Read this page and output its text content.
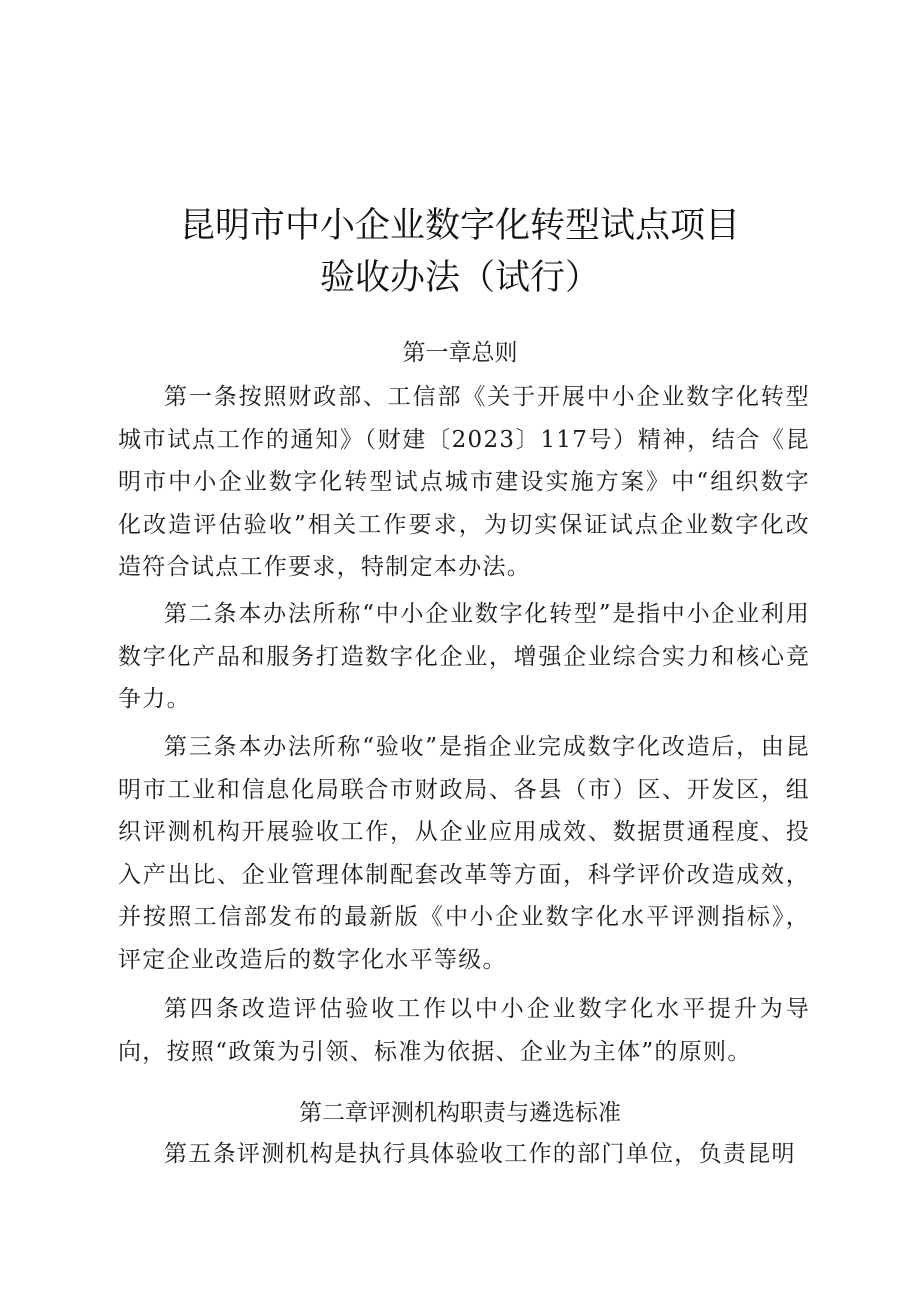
昆明市中小企业数字化转型试点项目
验收办法（试行）
第一章总则

第一条按照财政部、工信部《关于开展中小企业数字化转型城市试点工作的通知》（财建〔2023〕117号）精神，结合《昆明市中小企业数字化转型试点城市建设实施方案》中“组织数字化改造评估验收”相关工作要求，为切实保证试点企业数字化改造符合试点工作要求，特制定本办法。

第二条本办法所称“中小企业数字化转型”是指中小企业利用数字化产品和服务打造数字化企业，增强企业综合实力和核心竞争力。

第三条本办法所称“验收”是指企业完成数字化改造后，由昆明市工业和信息化局联合市财政局、各县（市）区、开发区，组织评测机构开展验收工作，从企业应用成效、数据贯通程度、投入产出比、企业管理体制配套改革等方面，科学评价改造成效，并按照工信部发布的最新版《中小企业数字化水平评测指标》，评定企业改造后的数字化水平等级。

第四条改造评估验收工作以中小企业数字化水平提升为导向，按照“政策为引领、标准为依据、企业为主体”的原则。

第二章评测机构职责与遴选标准

第五条评测机构是执行具体验收工作的部门单位，负责昆明
